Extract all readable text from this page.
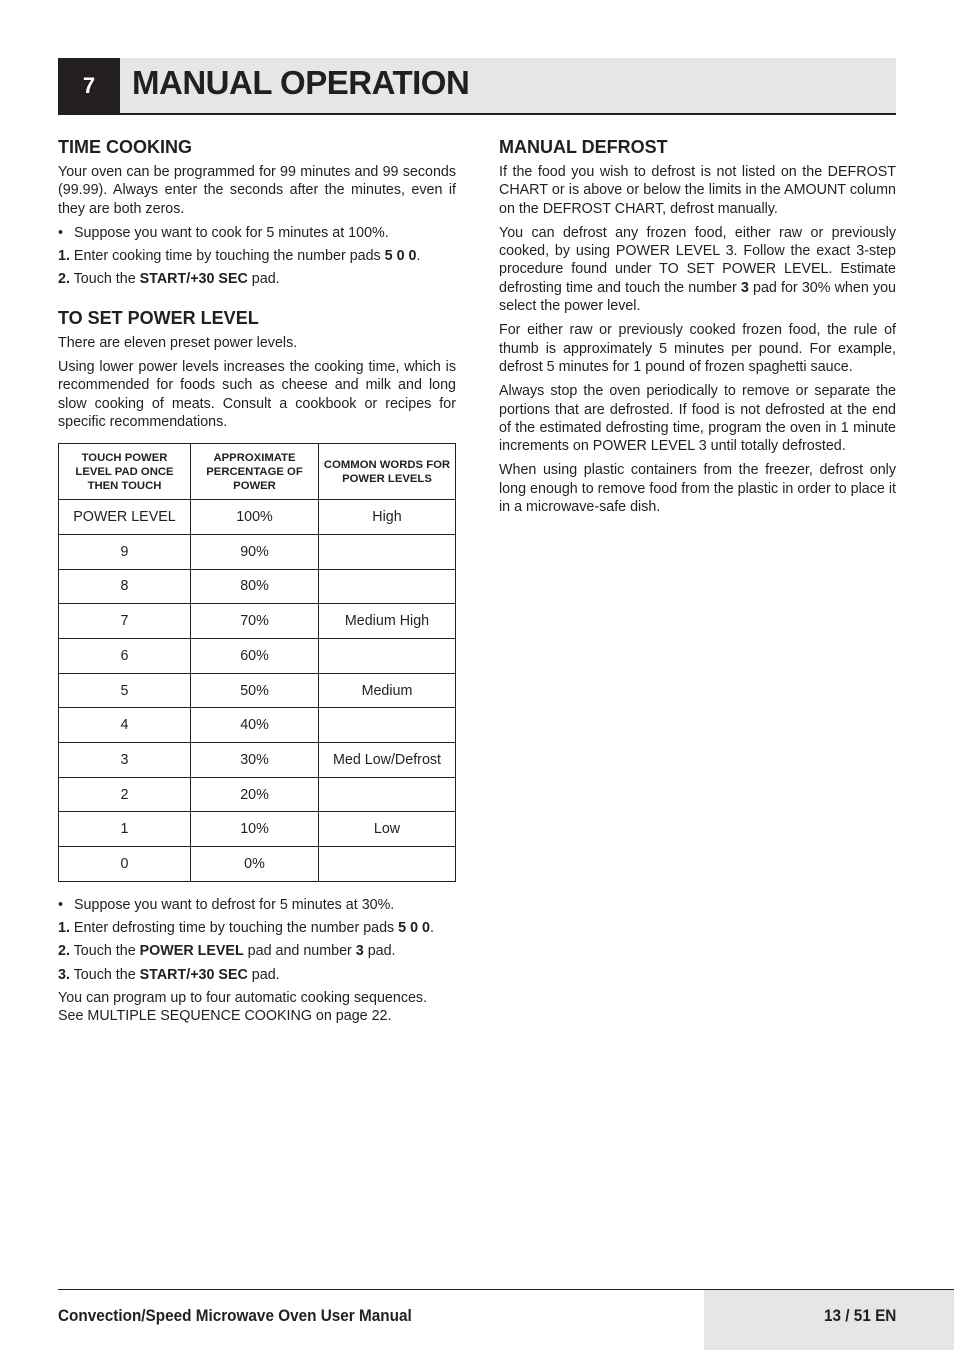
7	MANUAL OPERATION
TIME COOKING

Your oven can be programmed for 99 minutes and 99 seconds (99.99). Always enter the seconds after the minutes, even if they are both zeros.

• Suppose you want to cook for 5 minutes at 100%.

1. Enter cooking time by touching the number pads 5 0 0.

2. Touch the START/+30 SEC pad.

TO SET POWER LEVEL

There are eleven preset power levels.

Using lower power levels increases the cooking time, which is recommended for foods such as cheese and milk and long slow cooking of meats. Consult a cookbook or recipes for specific recommendations.

TOUCH POWER LEVEL PAD ONCE THEN TOUCH	APPROXIMATE PERCENTAGE OF POWER	COMMON WORDS FOR POWER LEVELS
POWER LEVEL	100%	High
9	90%	
8	80%	
7	70%	Medium High
6	60%	
5	50%	Medium
4	40%	
3	30%	Med Low/Defrost
2	20%	
1	10%	Low
0	0%	

• Suppose you want to defrost for 5 minutes at 30%.

1. Enter defrosting time by touching the number pads 5 0 0.

2. Touch the POWER LEVEL pad and number 3 pad.

3. Touch the START/+30 SEC pad.

You can program up to four automatic cooking sequences. See MULTIPLE SEQUENCE COOKING on page 22.

MANUAL DEFROST

If the food you wish to defrost is not listed on the DEFROST CHART or is above or below the limits in the AMOUNT column on the DEFROST CHART, defrost manually.

You can defrost any frozen food, either raw or previously cooked, by using POWER LEVEL 3. Follow the exact 3-step procedure found under TO SET POWER LEVEL. Estimate defrosting time and touch the number 3 pad for 30% when you select the power level.

For either raw or previously cooked frozen food, the rule of thumb is approximately 5 minutes per pound. For example, defrost 5 minutes for 1 pound of frozen spaghetti sauce.

Always stop the oven periodically to remove or separate the portions that are defrosted. If food is not defrosted at the end of the estimated defrosting time, program the oven in 1 minute increments on POWER LEVEL 3 until totally defrosted.

When using plastic containers from the freezer, defrost only long enough to remove food from the plastic in order to place it in a microwave-safe dish.

Convection/Speed Microwave Oven User Manual	13 / 51 EN
